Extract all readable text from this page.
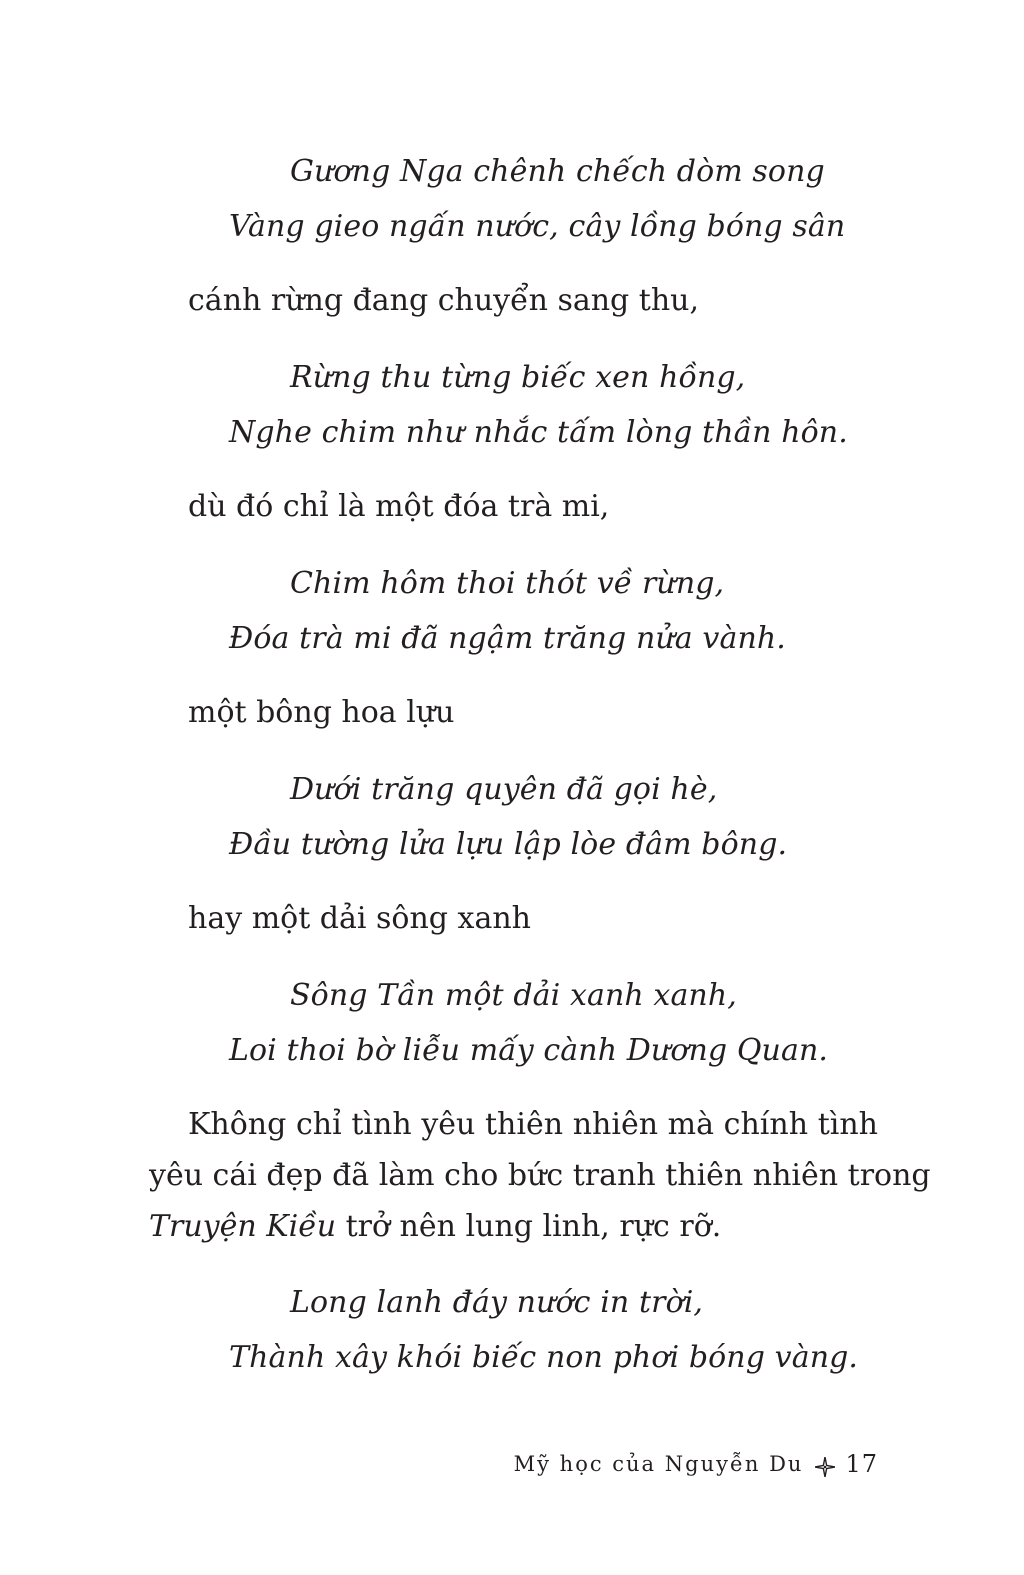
Gương Nga chênh chếch dòm song
Vàng gieo ngấn nước, cây lồng bóng sân
cánh rừng đang chuyển sang thu,
Rừng thu từng biếc xen hồng,
Nghe chim như nhắc tấm lòng thần hôn.
dù đó chỉ là một đóa trà mi,
Chim hôm thoi thót về rừng,
Đóa trà mi đã ngậm trăng nửa vành.
một bông hoa lựu
Dưới trăng quyên đã gọi hè,
Đầu tường lửa lựu lập lòe đâm bông.
hay một dải sông xanh
Sông Tần một dải xanh xanh,
Loi thoi bờ liễu mấy cành Dương Quan.
Không chỉ tình yêu thiên nhiên mà chính tình
yêu cái đẹp đã làm cho bức tranh thiên nhiên trong
Truyện Kiều trở nên lung linh, rực rỡ.
Long lanh đáy nước in trời,
Thành xây khói biếc non phơi bóng vàng.
Mỹ học của Nguyễn Du 17
